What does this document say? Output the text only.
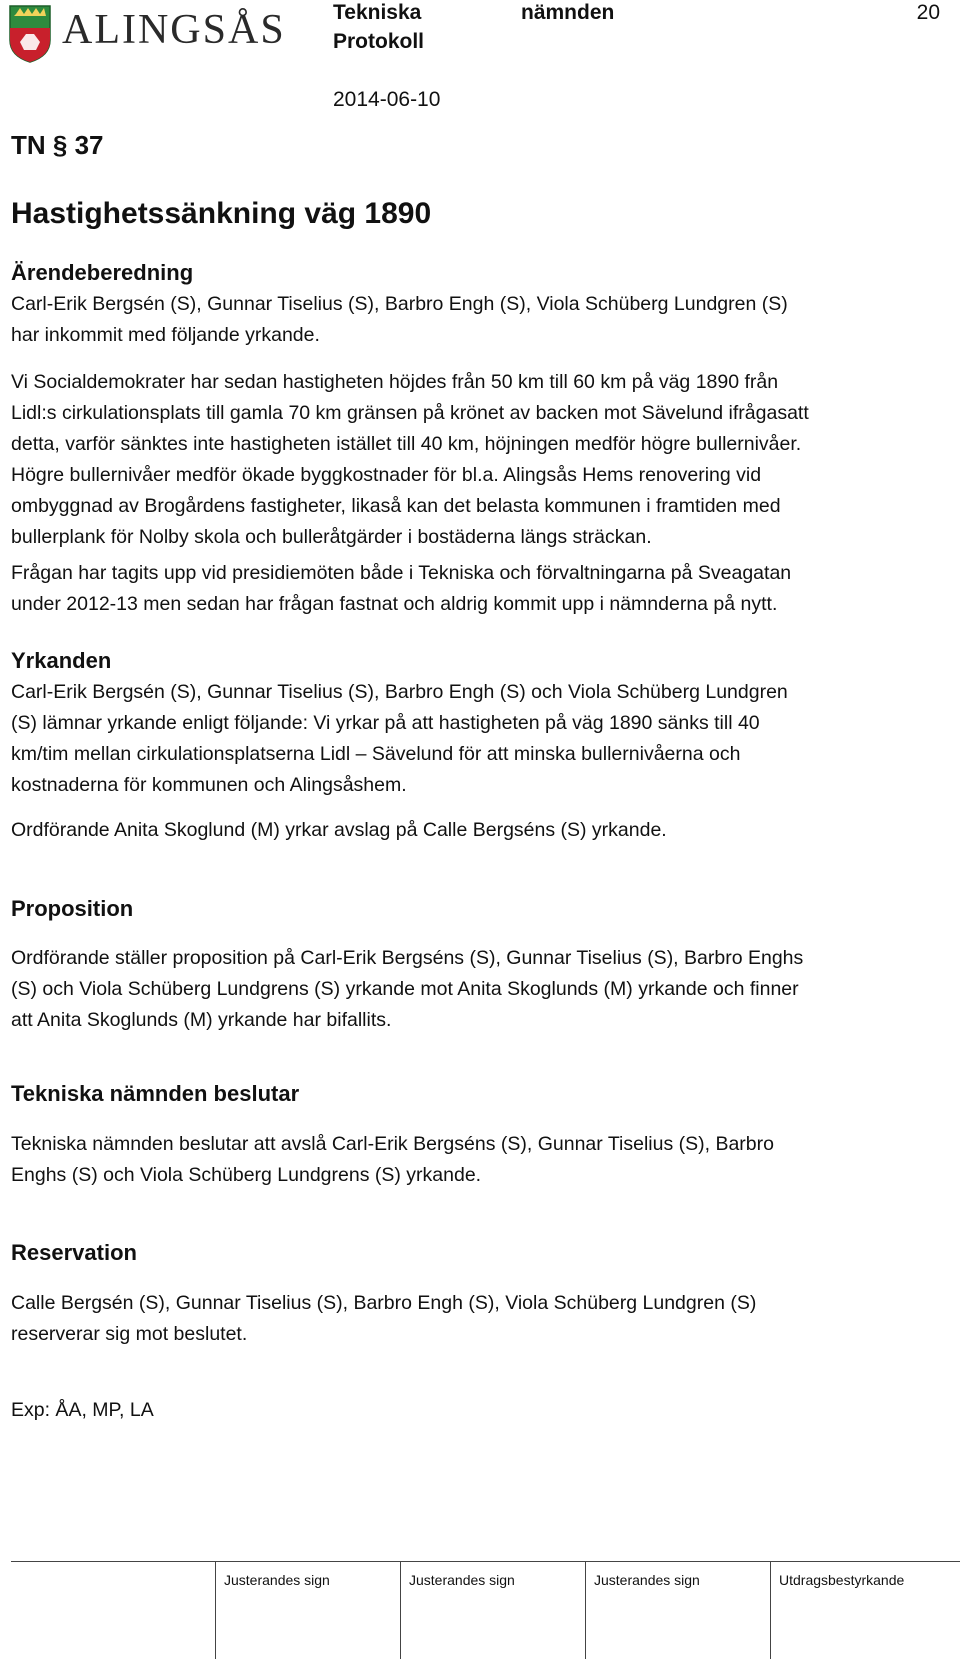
ALINGSÅS Tekniska	nämnden
Protokoll
20
2014-06-10
TN § 37
Hastighetssänkning väg 1890
Ärendeberedning
Carl-Erik Bergsén (S), Gunnar Tiselius (S), Barbro Engh (S), Viola Schüberg Lundgren (S)
har inkommit med följande yrkande.
Vi Socialdemokrater har sedan hastigheten höjdes från 50 km till 60 km på väg 1890 från
Lidl:s cirkulationsplats till gamla 70 km gränsen på krönet av backen mot Sävelund ifrågasatt
detta, varför sänktes inte hastigheten istället till 40 km, höjningen medför högre bullernivåer.
Högre bullernivåer medför ökade byggkostnader för bl.a. Alingsås Hems renovering vid
ombyggnad av Brogårdens fastigheter, likaså kan det belasta kommunen i framtiden med
bullerplank för Nolby skola och bulleråtgärder i bostäderna längs sträckan.
Frågan har tagits upp vid presidiemöten både i Tekniska och förvaltningarna på Sveagatan
under 2012-13 men sedan har frågan fastnat och aldrig kommit upp i nämnderna på nytt.
Yrkanden
Carl-Erik Bergsén (S), Gunnar Tiselius (S), Barbro Engh (S) och Viola Schüberg Lundgren
(S) lämnar yrkande enligt följande: Vi yrkar på att hastigheten på väg 1890 sänks till 40
km/tim mellan cirkulationsplatserna Lidl – Sävelund för att minska bullernivåerna och
kostnaderna för kommunen och Alingsåshem.
Ordförande Anita Skoglund (M) yrkar avslag på Calle Bergséns (S) yrkande.
Proposition
Ordförande ställer proposition på Carl-Erik Bergséns (S), Gunnar Tiselius (S), Barbro Enghs
(S) och Viola Schüberg Lundgrens (S) yrkande mot Anita Skoglunds (M) yrkande och finner
att Anita Skoglunds (M) yrkande har bifallits.
Tekniska nämnden beslutar
Tekniska nämnden beslutar att avslå Carl-Erik Bergséns (S), Gunnar Tiselius (S), Barbro
Enghs (S) och Viola Schüberg Lundgrens (S) yrkande.
Reservation
Calle Bergsén (S), Gunnar Tiselius (S), Barbro Engh (S), Viola Schüberg Lundgren (S)
reserverar sig mot beslutet.
Exp: ÅA, MP, LA
Justerandes sign	Justerandes sign	Justerandes sign	Utdragsbestyrkande
